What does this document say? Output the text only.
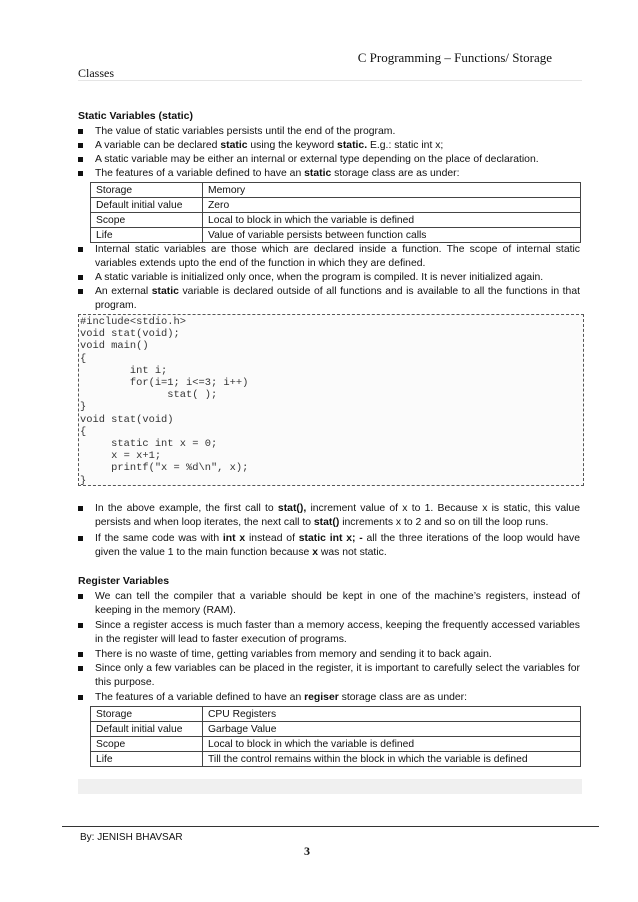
C Programming – Functions/ Storage
Classes
Static Variables (static)
The value of static variables persists until the end of the program.
A variable can be declared static using the keyword static. E.g.: static int x;
A static variable may be either an internal or external type depending on the place of declaration.
The features of a variable defined to have an static storage class are as under:
Storage	Memory
Default initial value	Zero
Scope	Local to block in which the variable is defined
Life	Value of variable persists between function calls
Internal static variables are those which are declared inside a function. The scope of internal static variables extends upto the end of the function in which they are defined.
A static variable is initialized only once, when the program is compiled. It is never initialized again.
An external static variable is declared outside of all functions and is available to all the functions in that program.
#include<stdio.h>
void stat(void);
void main()
{
int i;
for(i=1; i<=3; i++)
stat( );
}
void stat(void)
{
static int x = 0;
x = x+1;
printf("x = %d\n", x);
}
In the above example, the first call to stat(), increment value of x to 1. Because x is static, this value persists and when loop iterates, the next call to stat() increments x to 2 and so on till the loop runs.
If the same code was with int x instead of static int x; - all the three iterations of the loop would have given the value 1 to the main function because x was not static.
Register Variables
We can tell the compiler that a variable should be kept in one of the machine’s registers, instead of keeping in the memory (RAM).
Since a register access is much faster than a memory access, keeping the frequently accessed variables in the register will lead to faster execution of programs.
There is no waste of time, getting variables from memory and sending it to back again.
Since only a few variables can be placed in the register, it is important to carefully select the variables for this purpose.
The features of a variable defined to have an regiser storage class are as under:
Storage	CPU Registers
Default initial value	Garbage Value
Scope	Local to block in which the variable is defined
Life	Till the control remains within the block in which the variable is defined
By: JENISH BHAVSAR
3
